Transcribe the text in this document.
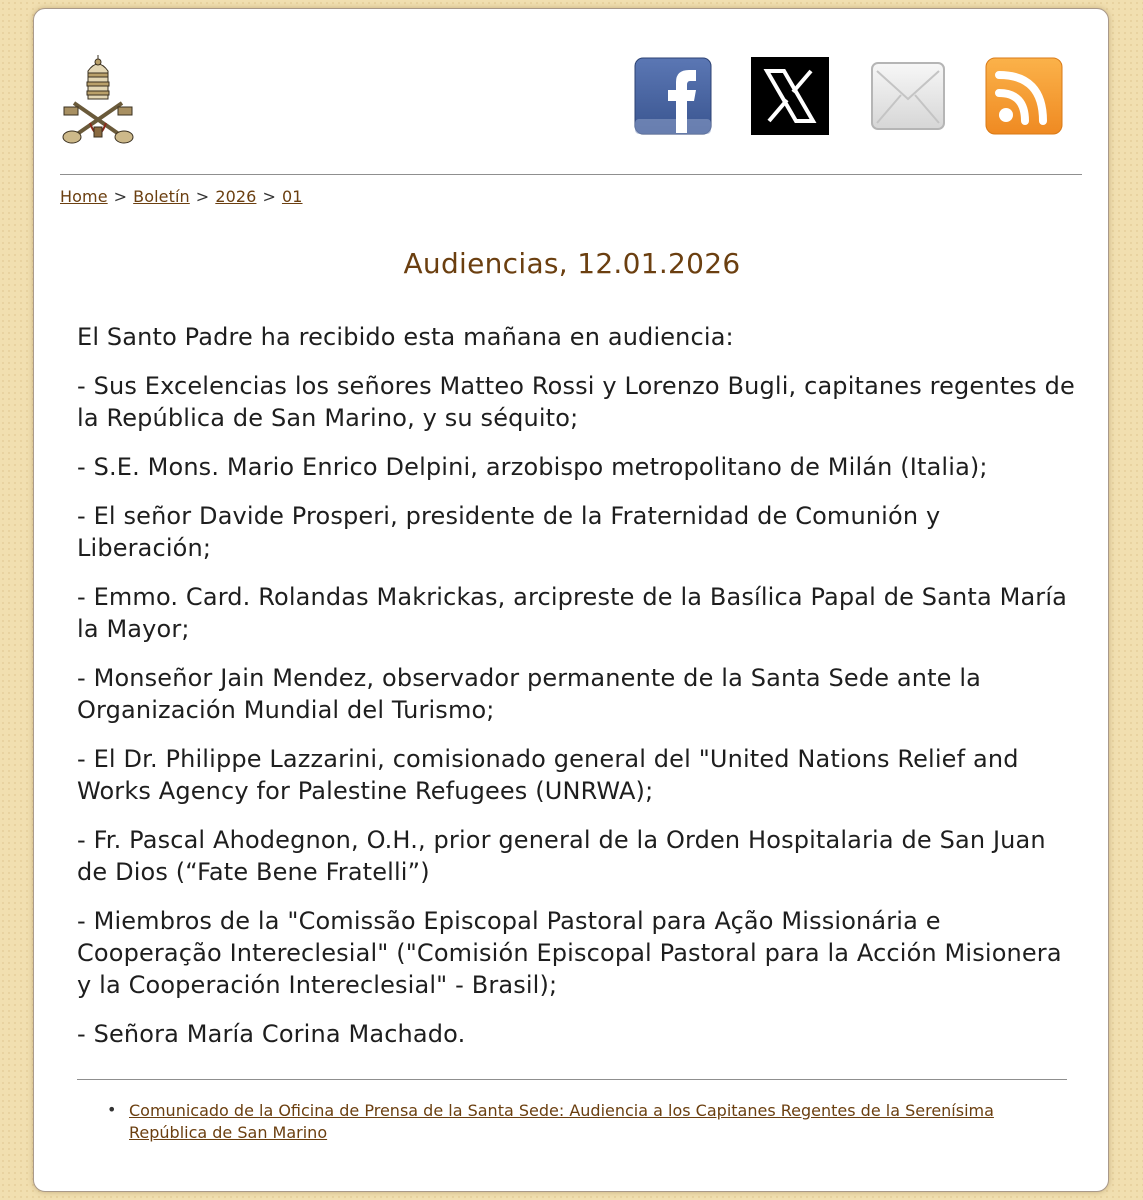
Home > Boletín > 2026 > 01
Audiencias, 12.01.2026

El Santo Padre ha recibido esta mañana en audiencia:

- Sus Excelencias los señores Matteo Rossi y Lorenzo Bugli, capitanes regentes de la República de San Marino, y su séquito;

- S.E. Mons. Mario Enrico Delpini, arzobispo metropolitano de Milán (Italia);

- El señor Davide Prosperi, presidente de la Fraternidad de Comunión y Liberación;

- Emmo. Card. Rolandas Makrickas, arcipreste de la Basílica Papal de Santa María la Mayor;

- Monseñor Jain Mendez, observador permanente de la Santa Sede ante la Organización Mundial del Turismo;

- El Dr. Philippe Lazzarini, comisionado general del "United Nations Relief and Works Agency for Palestine Refugees (UNRWA);

- Fr. Pascal Ahodegnon, O.H., prior general de la Orden Hospitalaria de San Juan de Dios (“Fate Bene Fratelli”)

- Miembros de la "Comissão Episcopal Pastoral para Ação Missionária e Cooperação Intereclesial" ("Comisión Episcopal Pastoral para la Acción Misionera y la Cooperación Intereclesial" - Brasil);

- Señora María Corina Machado.

• Comunicado de la Oficina de Prensa de la Santa Sede: Audiencia a los Capitanes Regentes de la Serenísima República de San Marino
